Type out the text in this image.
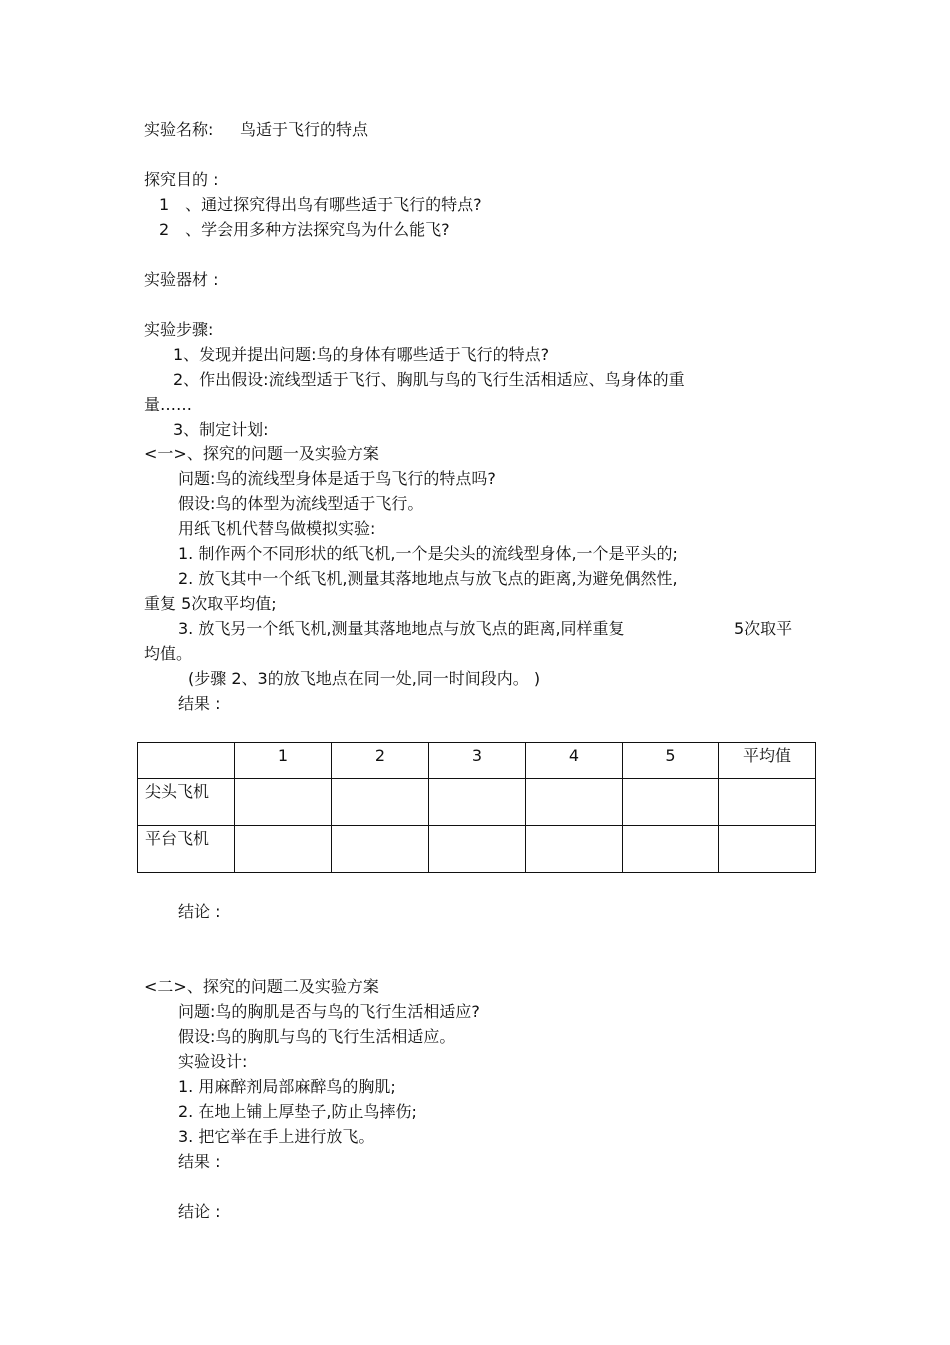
实验名称: 鸟适于飞行的特点
探究目的 :
1　、通过探究得出鸟有哪些适于飞行的特点?
2　、学会用多种方法探究鸟为什么能飞?
实验器材 :
实验步骤:
1、发现并提出问题:鸟的身体有哪些适于飞行的特点?
2、作出假设:流线型适于飞行、胸肌与鸟的飞行生活相适应、鸟身体的重
量……
3、制定计划:
<一>、探究的问题一及实验方案
问题:鸟的流线型身体是适于鸟飞行的特点吗?
假设:鸟的体型为流线型适于飞行。
用纸飞机代替鸟做模拟实验:
1. 制作两个不同形状的纸飞机,一个是尖头的流线型身体,一个是平头的;
2. 放飞其中一个纸飞机,测量其落地地点与放飞点的距离,为避免偶然性,
重复 5次取平均值;
3. 放飞另一个纸飞机,测量其落地地点与放飞点的距离,同样重复	5次取平
均值。
(步骤 2、3的放飞地点在同一处,同一时间段内。 )
结果 :
	1	2	3	4	5	平均值
尖头飞机						
平台飞机						
结论 :
<二>、探究的问题二及实验方案
问题:鸟的胸肌是否与鸟的飞行生活相适应?
假设:鸟的胸肌与鸟的飞行生活相适应。
实验设计:
1. 用麻醉剂局部麻醉鸟的胸肌;
2. 在地上铺上厚垫子,防止鸟摔伤;
3. 把它举在手上进行放飞。
结果 :
结论 :
